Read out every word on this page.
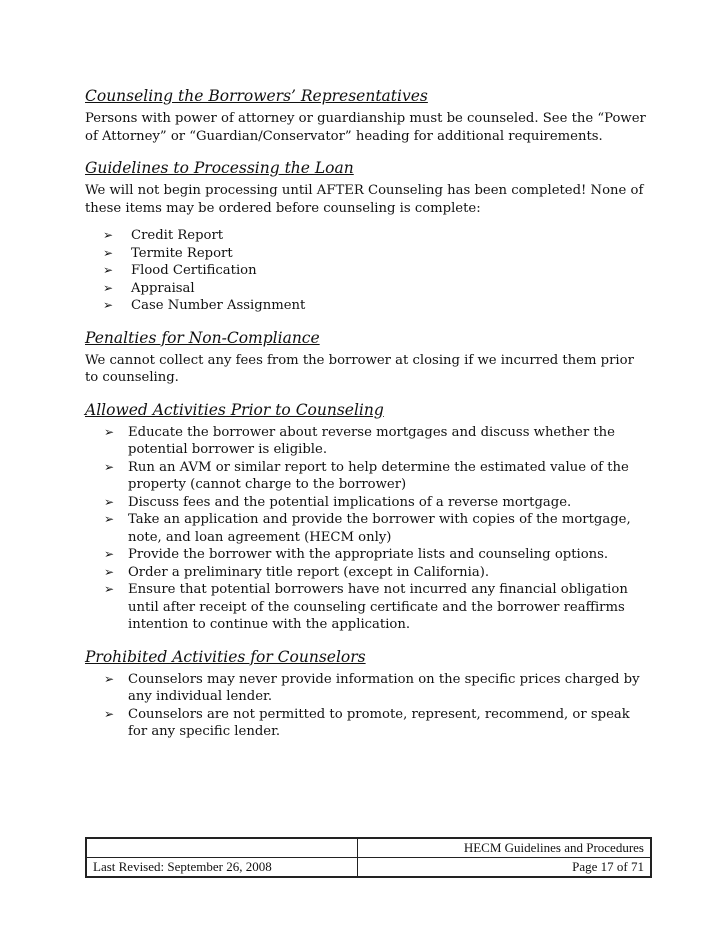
Counseling the Borrowers’ Representatives

Persons with power of attorney or guardianship must be counseled. See the “Power of Attorney” or “Guardian/Conservator” heading for additional requirements.

Guidelines to Processing the Loan

We will not begin processing until AFTER Counseling has been completed! None of these items may be ordered before counseling is complete:

➢ Credit Report
➢ Termite Report
➢ Flood Certification
➢ Appraisal
➢ Case Number Assignment
Penalties for Non-Compliance

We cannot collect any fees from the borrower at closing if we incurred them prior to counseling.

Allowed Activities Prior to Counseling
➢ Educate the borrower about reverse mortgages and discuss whether the potential borrower is eligible.
➢ Run an AVM or similar report to help determine the estimated value of the property (cannot charge to the borrower)
➢ Discuss fees and the potential implications of a reverse mortgage.
➢ Take an application and provide the borrower with copies of the mortgage, note, and loan agreement (HECM only)
➢ Provide the borrower with the appropriate lists and counseling options.
➢ Order a preliminary title report (except in California).
➢ Ensure that potential borrowers have not incurred any financial obligation until after receipt of the counseling certificate and the borrower reaffirms intention to continue with the application.
Prohibited Activities for Counselors
➢ Counselors may never provide information on the specific prices charged by any individual lender.
➢ Counselors are not permitted to promote, represent, recommend, or speak for any specific lender.
	HECM Guidelines and Procedures
Last Revised: September 26, 2008	Page 17 of 71
